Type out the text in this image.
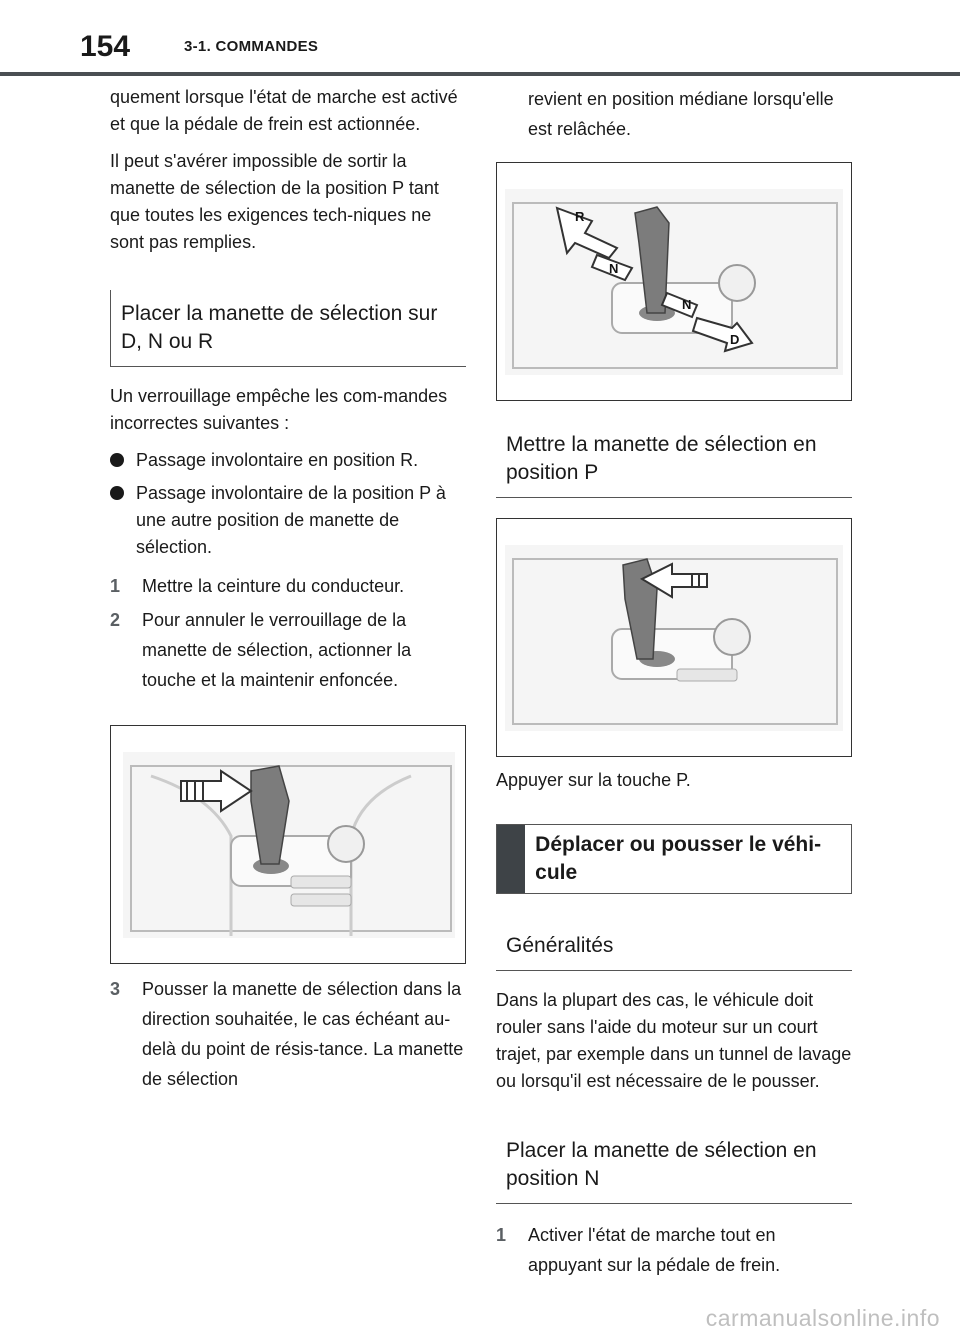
154	3-1. COMMANDES

quement lorsque l'état de marche est activé et que la pédale de frein est actionnée.

Il peut s'avérer impossible de sortir la manette de sélection de la position P tant que toutes les exigences tech-niques ne sont pas remplies.

Placer la manette de sélection sur D, N ou R

Un verrouillage empêche les com-mandes incorrectes suivantes :

Passage involontaire en position R.
Passage involontaire de la position P à une autre position de manette de sélection.
1	Mettre la ceinture du conducteur.
2	Pour annuler le verrouillage de la manette de sélection, actionner la touche et la maintenir enfoncée.
3	Pousser la manette de sélection dans la direction souhaitée, le cas échéant au-delà du point de résis-tance. La manette de sélection

revient en position médiane lorsqu'elle est relâchée.

R
N
N
D
Mettre la manette de sélection en position P

Appuyer sur la touche P.

Déplacer ou pousser le véhi-cule
Généralités

Dans la plupart des cas, le véhicule doit rouler sans l'aide du moteur sur un court trajet, par exemple dans un tunnel de lavage ou lorsqu'il est nécessaire de le pousser.

Placer la manette de sélection en position N
1	Activer l'état de marche tout en appuyant sur la pédale de frein.
carmanualsonline.info
